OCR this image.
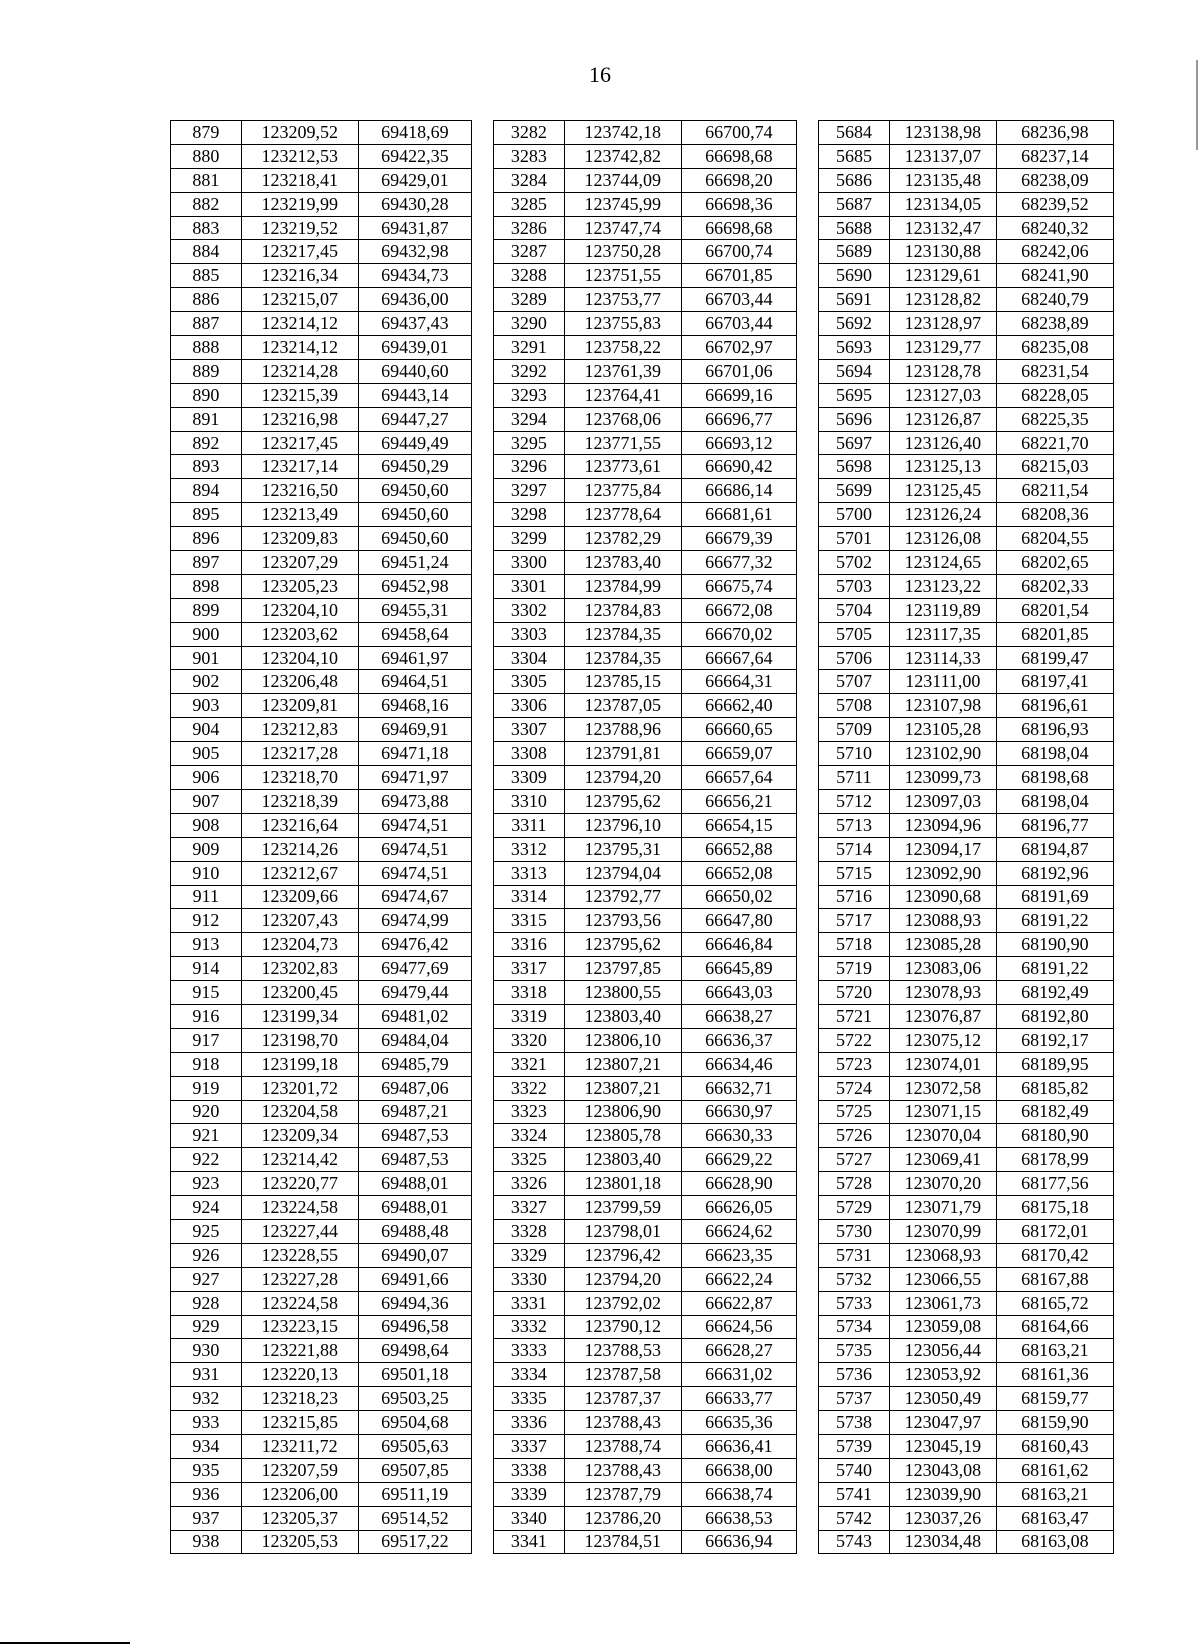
16
879	123209,52	69418,69		3282	123742,18	66700,74		5684	123138,98	68236,98
880	123212,53	69422,35		3283	123742,82	66698,68		5685	123137,07	68237,14
881	123218,41	69429,01		3284	123744,09	66698,20		5686	123135,48	68238,09
882	123219,99	69430,28		3285	123745,99	66698,36		5687	123134,05	68239,52
883	123219,52	69431,87		3286	123747,74	66698,68		5688	123132,47	68240,32
884	123217,45	69432,98		3287	123750,28	66700,74		5689	123130,88	68242,06
885	123216,34	69434,73		3288	123751,55	66701,85		5690	123129,61	68241,90
886	123215,07	69436,00		3289	123753,77	66703,44		5691	123128,82	68240,79
887	123214,12	69437,43		3290	123755,83	66703,44		5692	123128,97	68238,89
888	123214,12	69439,01		3291	123758,22	66702,97		5693	123129,77	68235,08
889	123214,28	69440,60		3292	123761,39	66701,06		5694	123128,78	68231,54
890	123215,39	69443,14		3293	123764,41	66699,16		5695	123127,03	68228,05
891	123216,98	69447,27		3294	123768,06	66696,77		5696	123126,87	68225,35
892	123217,45	69449,49		3295	123771,55	66693,12		5697	123126,40	68221,70
893	123217,14	69450,29		3296	123773,61	66690,42		5698	123125,13	68215,03
894	123216,50	69450,60		3297	123775,84	66686,14		5699	123125,45	68211,54
895	123213,49	69450,60		3298	123778,64	66681,61		5700	123126,24	68208,36
896	123209,83	69450,60		3299	123782,29	66679,39		5701	123126,08	68204,55
897	123207,29	69451,24		3300	123783,40	66677,32		5702	123124,65	68202,65
898	123205,23	69452,98		3301	123784,99	66675,74		5703	123123,22	68202,33
899	123204,10	69455,31		3302	123784,83	66672,08		5704	123119,89	68201,54
900	123203,62	69458,64		3303	123784,35	66670,02		5705	123117,35	68201,85
901	123204,10	69461,97		3304	123784,35	66667,64		5706	123114,33	68199,47
902	123206,48	69464,51		3305	123785,15	66664,31		5707	123111,00	68197,41
903	123209,81	69468,16		3306	123787,05	66662,40		5708	123107,98	68196,61
904	123212,83	69469,91		3307	123788,96	66660,65		5709	123105,28	68196,93
905	123217,28	69471,18		3308	123791,81	66659,07		5710	123102,90	68198,04
906	123218,70	69471,97		3309	123794,20	66657,64		5711	123099,73	68198,68
907	123218,39	69473,88		3310	123795,62	66656,21		5712	123097,03	68198,04
908	123216,64	69474,51		3311	123796,10	66654,15		5713	123094,96	68196,77
909	123214,26	69474,51		3312	123795,31	66652,88		5714	123094,17	68194,87
910	123212,67	69474,51		3313	123794,04	66652,08		5715	123092,90	68192,96
911	123209,66	69474,67		3314	123792,77	66650,02		5716	123090,68	68191,69
912	123207,43	69474,99		3315	123793,56	66647,80		5717	123088,93	68191,22
913	123204,73	69476,42		3316	123795,62	66646,84		5718	123085,28	68190,90
914	123202,83	69477,69		3317	123797,85	66645,89		5719	123083,06	68191,22
915	123200,45	69479,44		3318	123800,55	66643,03		5720	123078,93	68192,49
916	123199,34	69481,02		3319	123803,40	66638,27		5721	123076,87	68192,80
917	123198,70	69484,04		3320	123806,10	66636,37		5722	123075,12	68192,17
918	123199,18	69485,79		3321	123807,21	66634,46		5723	123074,01	68189,95
919	123201,72	69487,06		3322	123807,21	66632,71		5724	123072,58	68185,82
920	123204,58	69487,21		3323	123806,90	66630,97		5725	123071,15	68182,49
921	123209,34	69487,53		3324	123805,78	66630,33		5726	123070,04	68180,90
922	123214,42	69487,53		3325	123803,40	66629,22		5727	123069,41	68178,99
923	123220,77	69488,01		3326	123801,18	66628,90		5728	123070,20	68177,56
924	123224,58	69488,01		3327	123799,59	66626,05		5729	123071,79	68175,18
925	123227,44	69488,48		3328	123798,01	66624,62		5730	123070,99	68172,01
926	123228,55	69490,07		3329	123796,42	66623,35		5731	123068,93	68170,42
927	123227,28	69491,66		3330	123794,20	66622,24		5732	123066,55	68167,88
928	123224,58	69494,36		3331	123792,02	66622,87		5733	123061,73	68165,72
929	123223,15	69496,58		3332	123790,12	66624,56		5734	123059,08	68164,66
930	123221,88	69498,64		3333	123788,53	66628,27		5735	123056,44	68163,21
931	123220,13	69501,18		3334	123787,58	66631,02		5736	123053,92	68161,36
932	123218,23	69503,25		3335	123787,37	66633,77		5737	123050,49	68159,77
933	123215,85	69504,68		3336	123788,43	66635,36		5738	123047,97	68159,90
934	123211,72	69505,63		3337	123788,74	66636,41		5739	123045,19	68160,43
935	123207,59	69507,85		3338	123788,43	66638,00		5740	123043,08	68161,62
936	123206,00	69511,19		3339	123787,79	66638,74		5741	123039,90	68163,21
937	123205,37	69514,52		3340	123786,20	66638,53		5742	123037,26	68163,47
938	123205,53	69517,22		3341	123784,51	66636,94		5743	123034,48	68163,08
